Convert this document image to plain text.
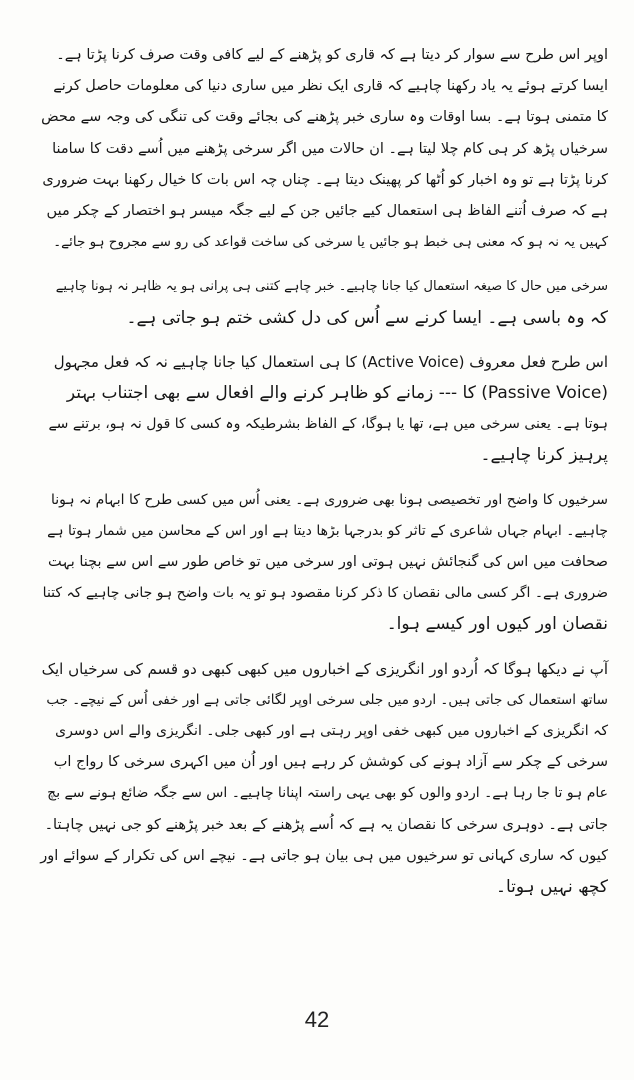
اوپر اس طرح سے سوار کر دیتا ہے کہ قاری کو پڑھنے کے لیے کافی وقت صرف کرنا پڑتا ہے۔
ایسا کرتے ہوئے یہ یاد رکھنا چاہیے کہ قاری ایک نظر میں ساری دنیا کی معلومات حاصل کرنے
کا متمنی ہوتا ہے۔ بسا اوقات وہ ساری خبر پڑھنے کی بجائے وقت کی تنگی کی وجہ سے محض
سرخیاں پڑھ کر ہی کام چلا لیتا ہے۔ ان حالات میں اگر سرخی پڑھنے میں اُسے دقت کا سامنا
کرنا پڑتا ہے تو وہ اخبار کو اُٹھا کر پھینک دیتا ہے۔ چناں چہ اس بات کا خیال رکھنا بہت ضروری
ہے کہ صرف اُتنے الفاظ ہی استعمال کیے جائیں جن کے لیے جگہ میسر ہو اختصار کے چکر میں
کہیں یہ نہ ہو کہ معنی ہی خبط ہو جائیں یا سرخی کی ساخت قواعد کی رو سے مجروح ہو جائے۔
سرخی میں حال کا صیغہ استعمال کیا جانا چاہیے۔ خبر چاہے کتنی ہی پرانی ہو یہ ظاہر نہ ہونا چاہیے
کہ وہ باسی ہے۔ ایسا کرنے سے اُس کی دل کشی ختم ہو جاتی ہے۔
اس طرح فعل معروف (Active Voice) کا ہی استعمال کیا جانا چاہیے نہ کہ فعل مجہول
(Passive Voice) کا --- زمانے کو ظاہر کرنے والے افعال سے بھی اجتناب بہتر
ہوتا ہے۔ یعنی سرخی میں ہے، تھا یا ہوگا، کے الفاظ بشرطیکہ وہ کسی کا قول نہ ہو، برتنے سے
پرہیز کرنا چاہیے۔
سرخیوں کا واضح اور تخصیصی ہونا بھی ضروری ہے۔ یعنی اُس میں کسی طرح کا ابہام نہ ہونا
چاہیے۔ ابہام جہاں شاعری کے تاثر کو بدرجہا بڑھا دیتا ہے اور اس کے محاسن میں شمار ہوتا ہے
صحافت میں اس کی گنجائش نہیں ہوتی اور سرخی میں تو خاص طور سے اس سے بچنا بہت
ضروری ہے۔ اگر کسی مالی نقصان کا ذکر کرنا مقصود ہو تو یہ بات واضح ہو جانی چاہیے کہ کتنا
نقصان اور کیوں اور کیسے ہوا۔
آپ نے دیکھا ہوگا کہ اُردو اور انگریزی کے اخباروں میں کبھی کبھی دو قسم کی سرخیاں ایک
ساتھ استعمال کی جاتی ہیں۔ اردو میں جلی سرخی اوپر لگائی جاتی ہے اور خفی اُس کے نیچے۔ جب
کہ انگریزی کے اخباروں میں کبھی خفی اوپر رہتی ہے اور کبھی جلی۔ انگریزی والے اس دوسری
سرخی کے چکر سے آزاد ہونے کی کوشش کر رہے ہیں اور اُن میں اکہری سرخی کا رواج اب
عام ہو تا جا رہا ہے۔ اردو والوں کو بھی یہی راستہ اپنانا چاہیے۔ اس سے جگہ ضائع ہونے سے بچ
جاتی ہے۔ دوہری سرخی کا نقصان یہ ہے کہ اُسے پڑھنے کے بعد خبر پڑھنے کو جی نہیں چاہتا۔
کیوں کہ ساری کہانی تو سرخیوں میں ہی بیان ہو جاتی ہے۔ نیچے اس کی تکرار کے سوائے اور
کچھ نہیں ہوتا۔
42
